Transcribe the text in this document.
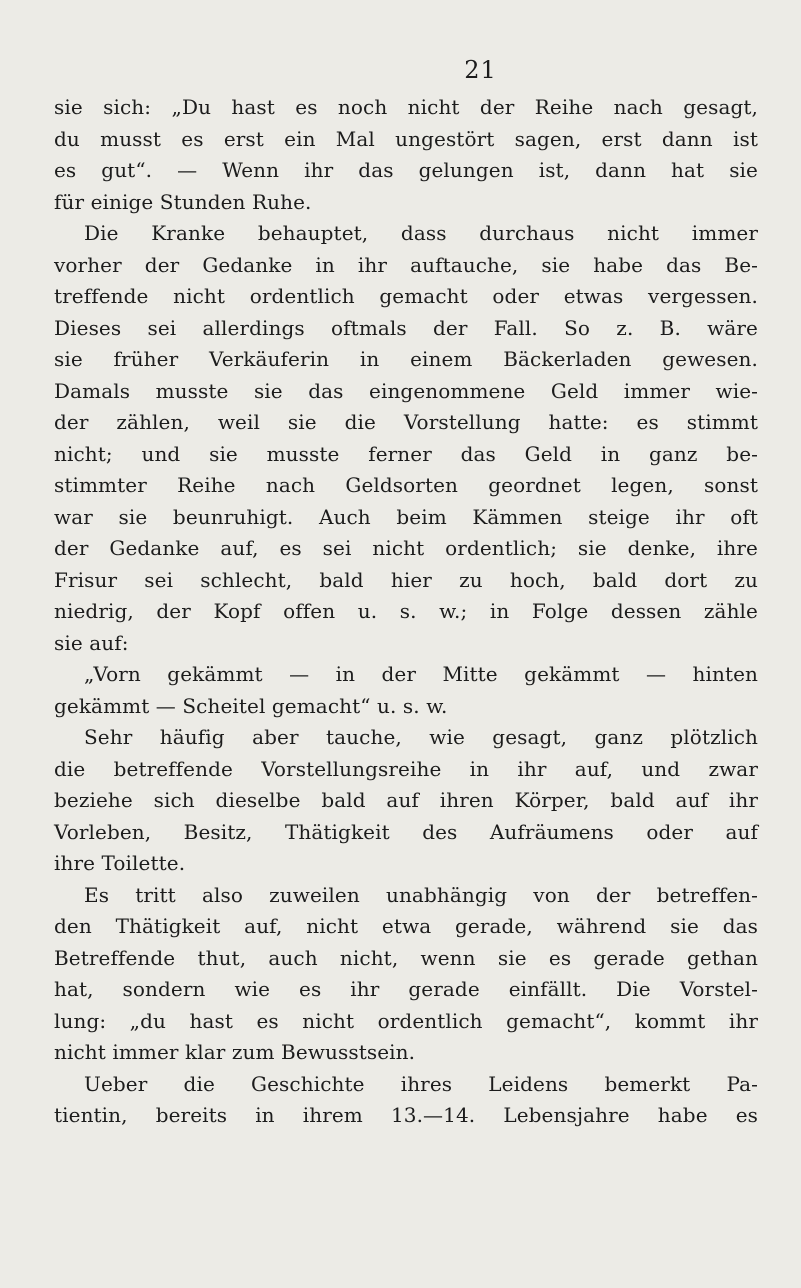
21
sie sich: „Du hast es noch nicht der Reihe nach gesagt,
du musst es erst ein Mal ungestört sagen, erst dann ist
es gut“. — Wenn ihr das gelungen ist, dann hat sie
für einige Stunden Ruhe.
Die Kranke behauptet, dass durchaus nicht immer
vorher der Gedanke in ihr auftauche, sie habe das Be-
treffende nicht ordentlich gemacht oder etwas vergessen.
Dieses sei allerdings oftmals der Fall. So z. B. wäre
sie früher Verkäuferin in einem Bäckerladen gewesen.
Damals musste sie das eingenommene Geld immer wie-
der zählen, weil sie die Vorstellung hatte: es stimmt
nicht; und sie musste ferner das Geld in ganz be-
stimmter Reihe nach Geldsorten geordnet legen, sonst
war sie beunruhigt. Auch beim Kämmen steige ihr oft
der Gedanke auf, es sei nicht ordentlich; sie denke, ihre
Frisur sei schlecht, bald hier zu hoch, bald dort zu
niedrig, der Kopf offen u. s. w.; in Folge dessen zähle
sie auf:
„Vorn gekämmt — in der Mitte gekämmt — hinten
gekämmt — Scheitel gemacht“ u. s. w.
Sehr häufig aber tauche, wie gesagt, ganz plötzlich
die betreffende Vorstellungsreihe in ihr auf, und zwar
beziehe sich dieselbe bald auf ihren Körper, bald auf ihr
Vorleben, Besitz, Thätigkeit des Aufräumens oder auf
ihre Toilette.
Es tritt also zuweilen unabhängig von der betreffen-
den Thätigkeit auf, nicht etwa gerade, während sie das
Betreffende thut, auch nicht, wenn sie es gerade gethan
hat, sondern wie es ihr gerade einfällt. Die Vorstel-
lung: „du hast es nicht ordentlich gemacht“, kommt ihr
nicht immer klar zum Bewusstsein.
Ueber die Geschichte ihres Leidens bemerkt Pa-
tientin, bereits in ihrem 13.—14. Lebensjahre habe es
